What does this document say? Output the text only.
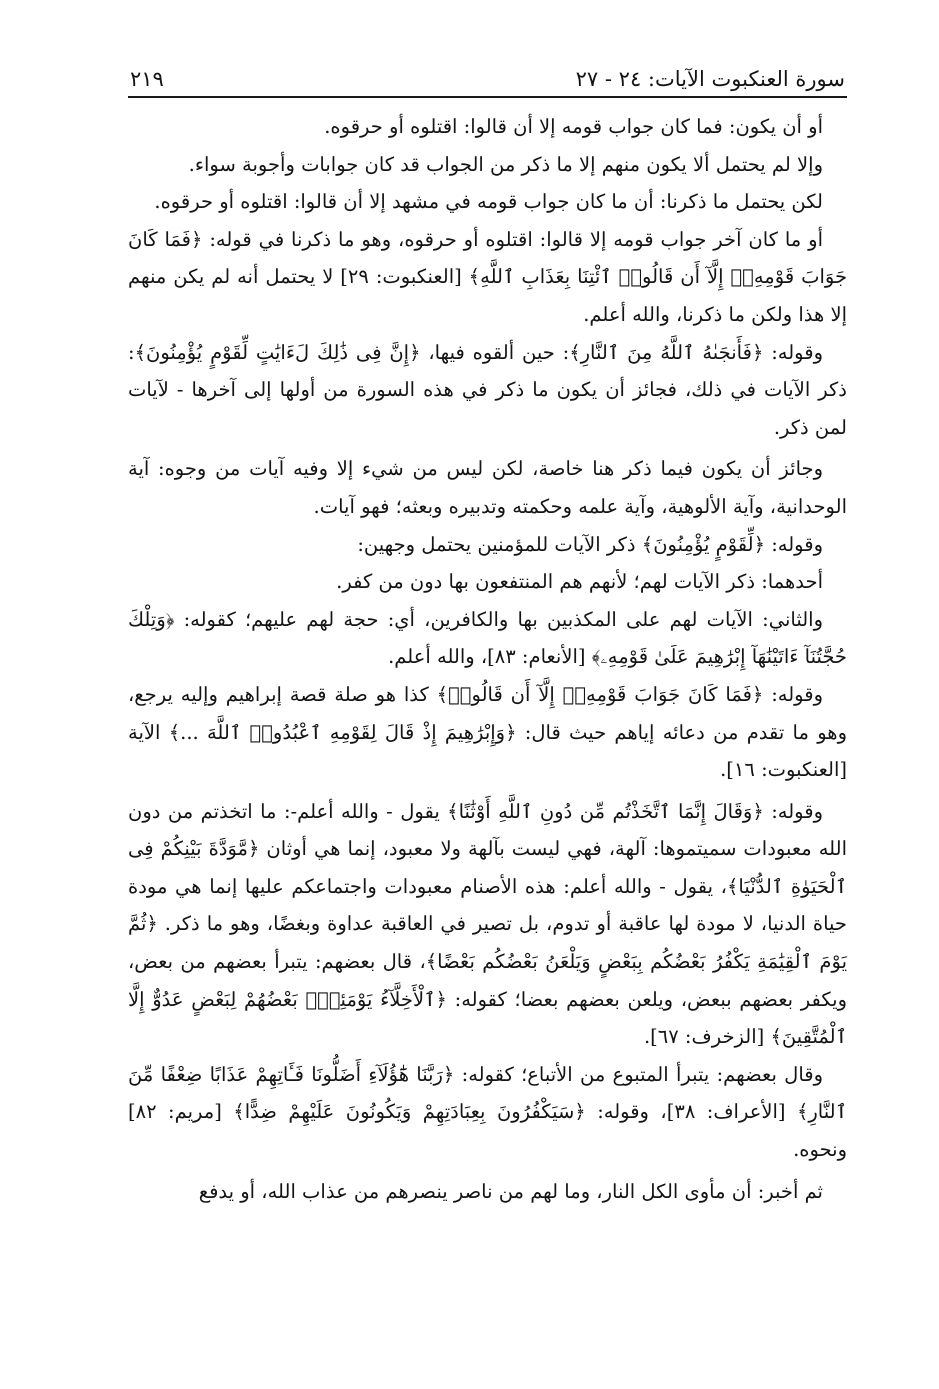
سورة العنكبوت الآيات: ٢٤ - ٢٧
٢١٩

أو أن يكون: فما كان جواب قومه إلا أن قالوا: اقتلوه أو حرقوه.

وإلا لم يحتمل ألا يكون منهم إلا ما ذكر من الجواب قد كان جوابات وأجوبة سواء.

لكن يحتمل ما ذكرنا: أن ما كان جواب قومه في مشهد إلا أن قالوا: اقتلوه أو حرقوه.

أو ما كان آخر جواب قومه إلا قالوا: اقتلوه أو حرقوه، وهو ما ذكرنا في قوله: ﴿فَمَا كَانَ جَوَابَ قَوْمِهِۦٓ إِلَّآ أَن قَالُوا۟ ٱئْتِنَا بِعَذَابِ ٱللَّهِ﴾ [العنكبوت: ٢٩] لا يحتمل أنه لم يكن منهم إلا هذا ولكن ما ذكرنا، والله أعلم.

وقوله: ﴿فَأَنجَىٰهُ ٱللَّهُ مِنَ ٱلنَّارِ﴾: حين ألقوه فيها، ﴿إِنَّ فِى ذَٰلِكَ لَءَايَٰتٍ لِّقَوْمٍ يُؤْمِنُونَ﴾: ذكر الآيات في ذلك، فجائز أن يكون ما ذكر في هذه السورة من أولها إلى آخرها - لآيات لمن ذكر.

وجائز أن يكون فيما ذكر هنا خاصة، لكن ليس من شيء إلا وفيه آيات من وجوه: آية الوحدانية، وآية الألوهية، وآية علمه وحكمته وتدبيره وبعثه؛ فهو آيات.

وقوله: ﴿لِّقَوْمٍ يُؤْمِنُونَ﴾ ذكر الآيات للمؤمنين يحتمل وجهين:

أحدهما: ذكر الآيات لهم؛ لأنهم هم المنتفعون بها دون من كفر.

والثاني: الآيات لهم على المكذبين بها والكافرين، أي: حجة لهم عليهم؛ كقوله: ﴿وَتِلْكَ حُجَّتُنَآ ءَاتَيْنَٰهَآ إِبْرَٰهِيمَ عَلَىٰ قَوْمِهِۦ﴾ [الأنعام: ٨٣]، والله أعلم.

وقوله: ﴿فَمَا كَانَ جَوَابَ قَوْمِهِۦٓ إِلَّآ أَن قَالُوا۟﴾ كذا هو صلة قصة إبراهيم وإليه يرجع، وهو ما تقدم من دعائه إياهم حيث قال: ﴿وَإِبْرَٰهِيمَ إِذْ قَالَ لِقَوْمِهِ ٱعْبُدُوا۟ ٱللَّهَ ...﴾ الآية [العنكبوت: ١٦].

وقوله: ﴿وَقَالَ إِنَّمَا ٱتَّخَذْتُم مِّن دُونِ ٱللَّهِ أَوْثَٰنًا﴾ يقول - والله أعلم-: ما اتخذتم من دون الله معبودات سميتموها: آلهة، فهي ليست بآلهة ولا معبود، إنما هي أوثان ﴿مَّوَدَّةَ بَيْنِكُمْ فِى ٱلْحَيَوٰةِ ٱلدُّنْيَا﴾، يقول - والله أعلم: هذه الأصنام معبودات واجتماعكم عليها إنما هي مودة حياة الدنيا، لا مودة لها عاقبة أو تدوم، بل تصير في العاقبة عداوة وبغضًا، وهو ما ذكر. ﴿ثُمَّ يَوْمَ ٱلْقِيَٰمَةِ يَكْفُرُ بَعْضُكُم بِبَعْضٍ وَيَلْعَنُ بَعْضُكُم بَعْضًا﴾، قال بعضهم: يتبرأ بعضهم من بعض، ويكفر بعضهم ببعض، ويلعن بعضهم بعضا؛ كقوله: ﴿ٱلْأَخِلَّآءُ يَوْمَئِذٍۭ بَعْضُهُمْ لِبَعْضٍ عَدُوٌّ إِلَّا ٱلْمُتَّقِينَ﴾ [الزخرف: ٦٧].

وقال بعضهم: يتبرأ المتبوع من الأتباع؛ كقوله: ﴿رَبَّنَا هَٰٓؤُلَآءِ أَضَلُّونَا فَـَٔاتِهِمْ عَذَابًا ضِعْفًا مِّنَ ٱلنَّارِ﴾ [الأعراف: ٣٨]، وقوله: ﴿سَيَكْفُرُونَ بِعِبَادَتِهِمْ وَيَكُونُونَ عَلَيْهِمْ ضِدًّا﴾ [مريم: ٨٢] ونحوه.

ثم أخبر: أن مأوى الكل النار، وما لهم من ناصر ينصرهم من عذاب الله، أو يدفع
